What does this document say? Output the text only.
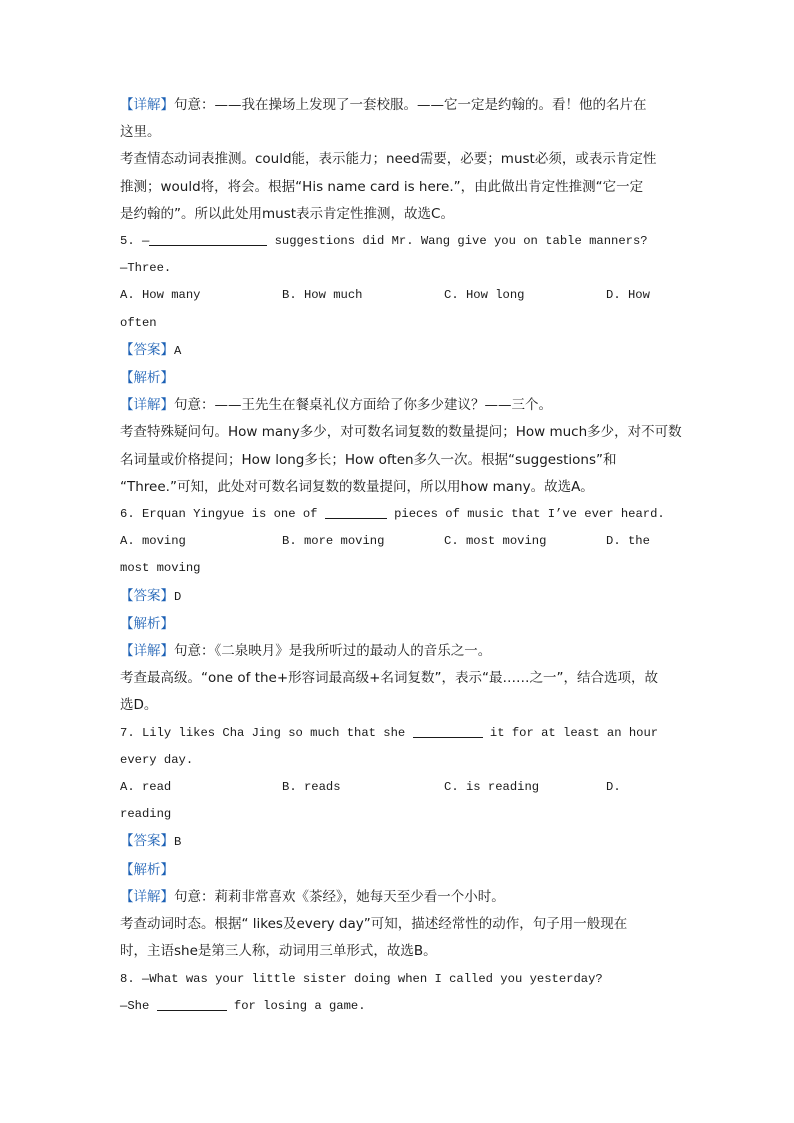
【详解】句意：——我在操场上发现了一套校服。——它一定是约翰的。看！他的名片在
这里。
考查情态动词表推测。could能，表示能力；need需要，必要；must必须，或表示肯定性
推测；would将，将会。根据“His name card is here.”，由此做出肯定性推测“它一定
是约翰的”。所以此处用must表示肯定性推测，故选C。
5. —	suggestions did Mr. Wang give you on table manners?
—Three.
A. How many	B. How much	C. How long	D. How
often
【答案】A
【解析】
【详解】句意：——王先生在餐桌礼仪方面给了你多少建议？——三个。
考查特殊疑问句。How many多少，对可数名词复数的数量提问；How much多少，对不可数
名词量或价格提问；How long多长；How often多久一次。根据“suggestions”和
“Three.”可知，此处对可数名词复数的数量提问，所以用how many。故选A。
6. Erquan Yingyue is one of	pieces of music that I’ve ever heard.
A. moving	B. more moving	C. most moving	D. the
most moving
【答案】D
【解析】
【详解】句意：《二泉映月》是我所听过的最动人的音乐之一。
考查最高级。“one of the+形容词最高级+名词复数”，表示“最……之一”，结合选项，故
选D。
7. Lily likes Cha Jing so much that she	it for at least an hour
every day.
A. read	B. reads	C. is reading	D.
reading
【答案】B
【解析】
【详解】句意：莉莉非常喜欢《茶经》，她每天至少看一个小时。
考查动词时态。根据“ likes及every day”可知，描述经常性的动作，句子用一般现在
时，主语she是第三人称，动词用三单形式，故选B。
8. —What was your little sister doing when I called you yesterday?
—She	for losing a game.
